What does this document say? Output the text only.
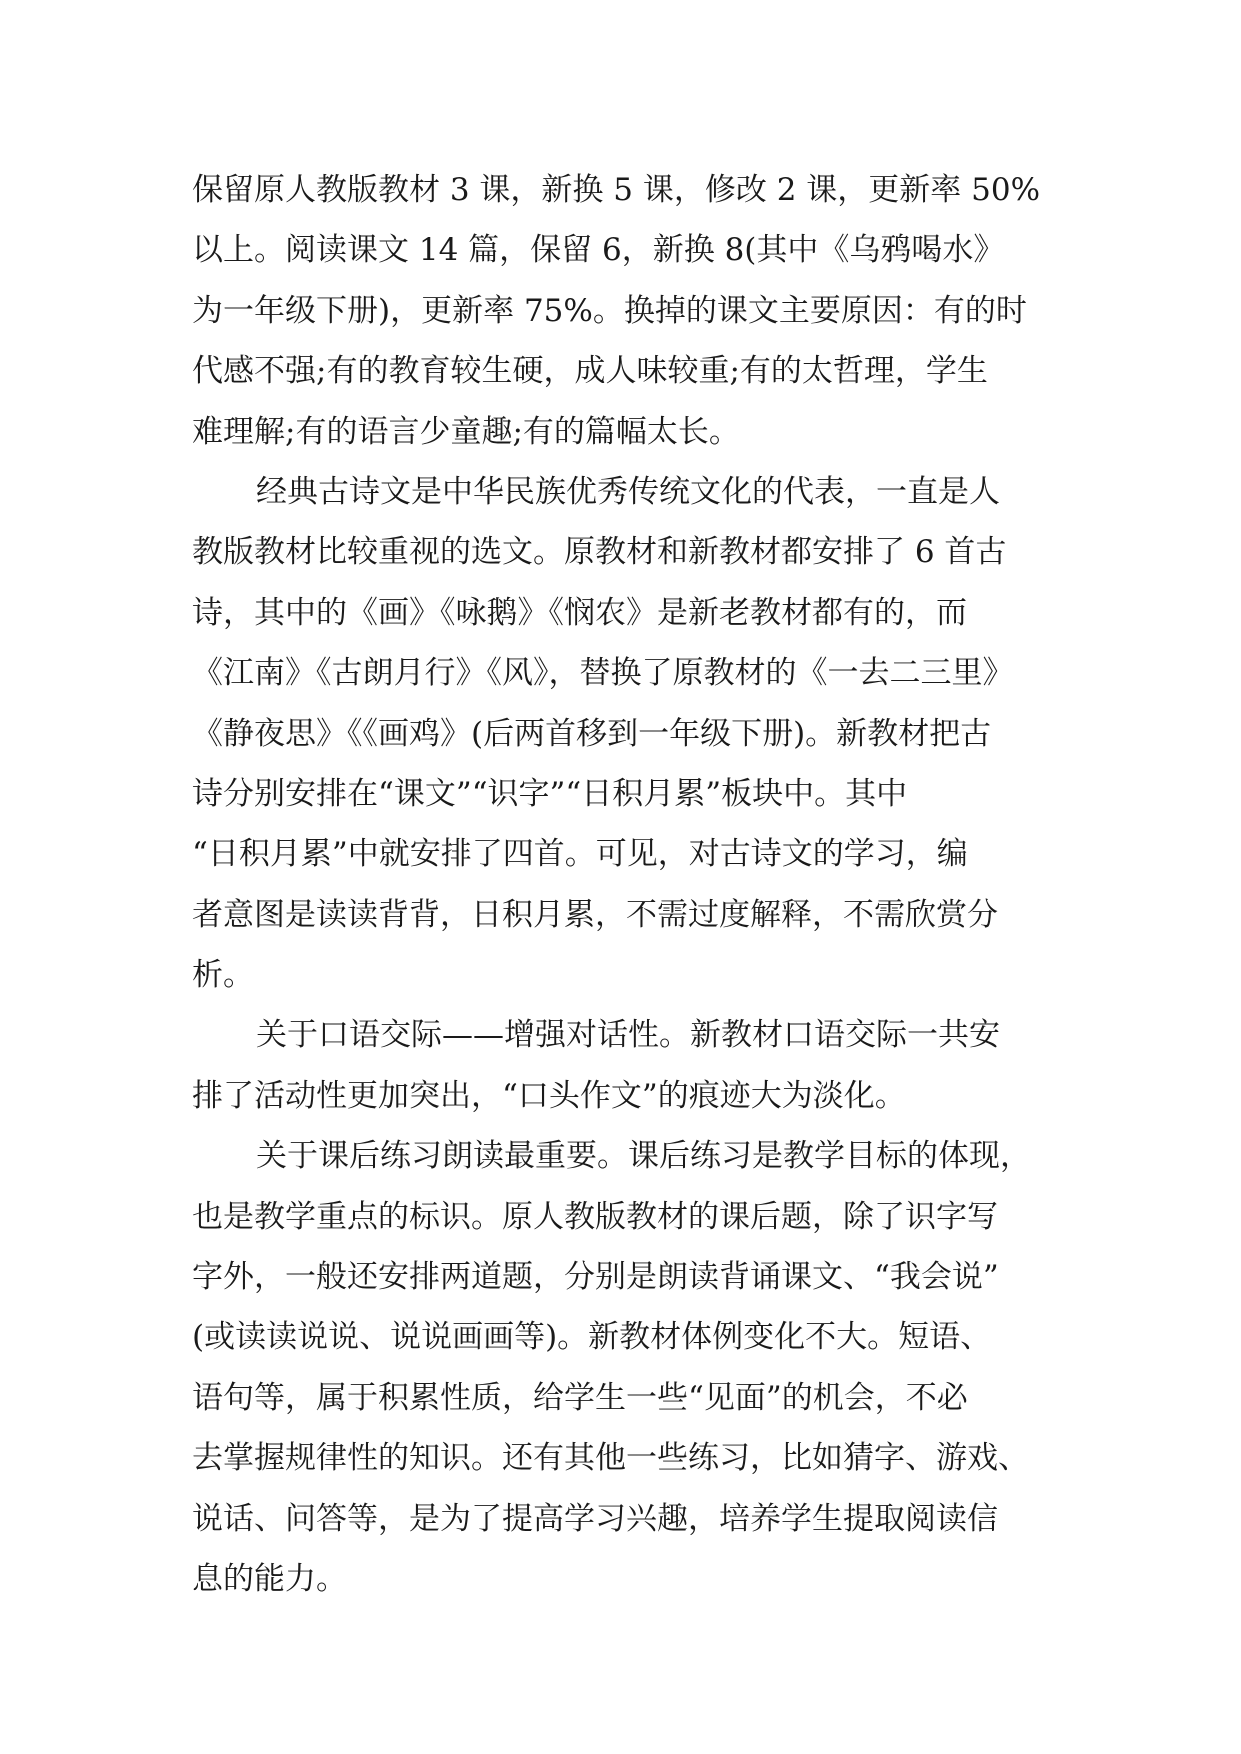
保留原人教版教材 3 课，新换 5 课，修改 2 课，更新率 50%
以上。阅读课文 14 篇，保留 6，新换 8(其中《乌鸦喝水》
为一年级下册)，更新率 75%。换掉的课文主要原因：有的时
代感不强;有的教育较生硬，成人味较重;有的太哲理，学生
难理解;有的语言少童趣;有的篇幅太长。
经典古诗文是中华民族优秀传统文化的代表，一直是人
教版教材比较重视的选文。原教材和新教材都安排了 6 首古
诗，其中的《画》《咏鹅》《悯农》是新老教材都有的，而
《江南》《古朗月行》《风》，替换了原教材的《一去二三里》
《静夜思》《《画鸡》(后两首移到一年级下册)。新教材把古
诗分别安排在“课文”“识字”“日积月累”板块中。其中
“日积月累”中就安排了四首。可见，对古诗文的学习，编
者意图是读读背背，日积月累，不需过度解释，不需欣赏分
析。
关于口语交际——增强对话性。新教材口语交际一共安
排了活动性更加突出，“口头作文”的痕迹大为淡化。
关于课后练习朗读最重要。课后练习是教学目标的体现，
也是教学重点的标识。原人教版教材的课后题，除了识字写
字外，一般还安排两道题，分别是朗读背诵课文、“我会说”
(或读读说说、说说画画等)。新教材体例变化不大。短语、
语句等，属于积累性质，给学生一些“见面”的机会，不必
去掌握规律性的知识。还有其他一些练习，比如猜字、游戏、
说话、问答等，是为了提高学习兴趣，培养学生提取阅读信
息的能力。
